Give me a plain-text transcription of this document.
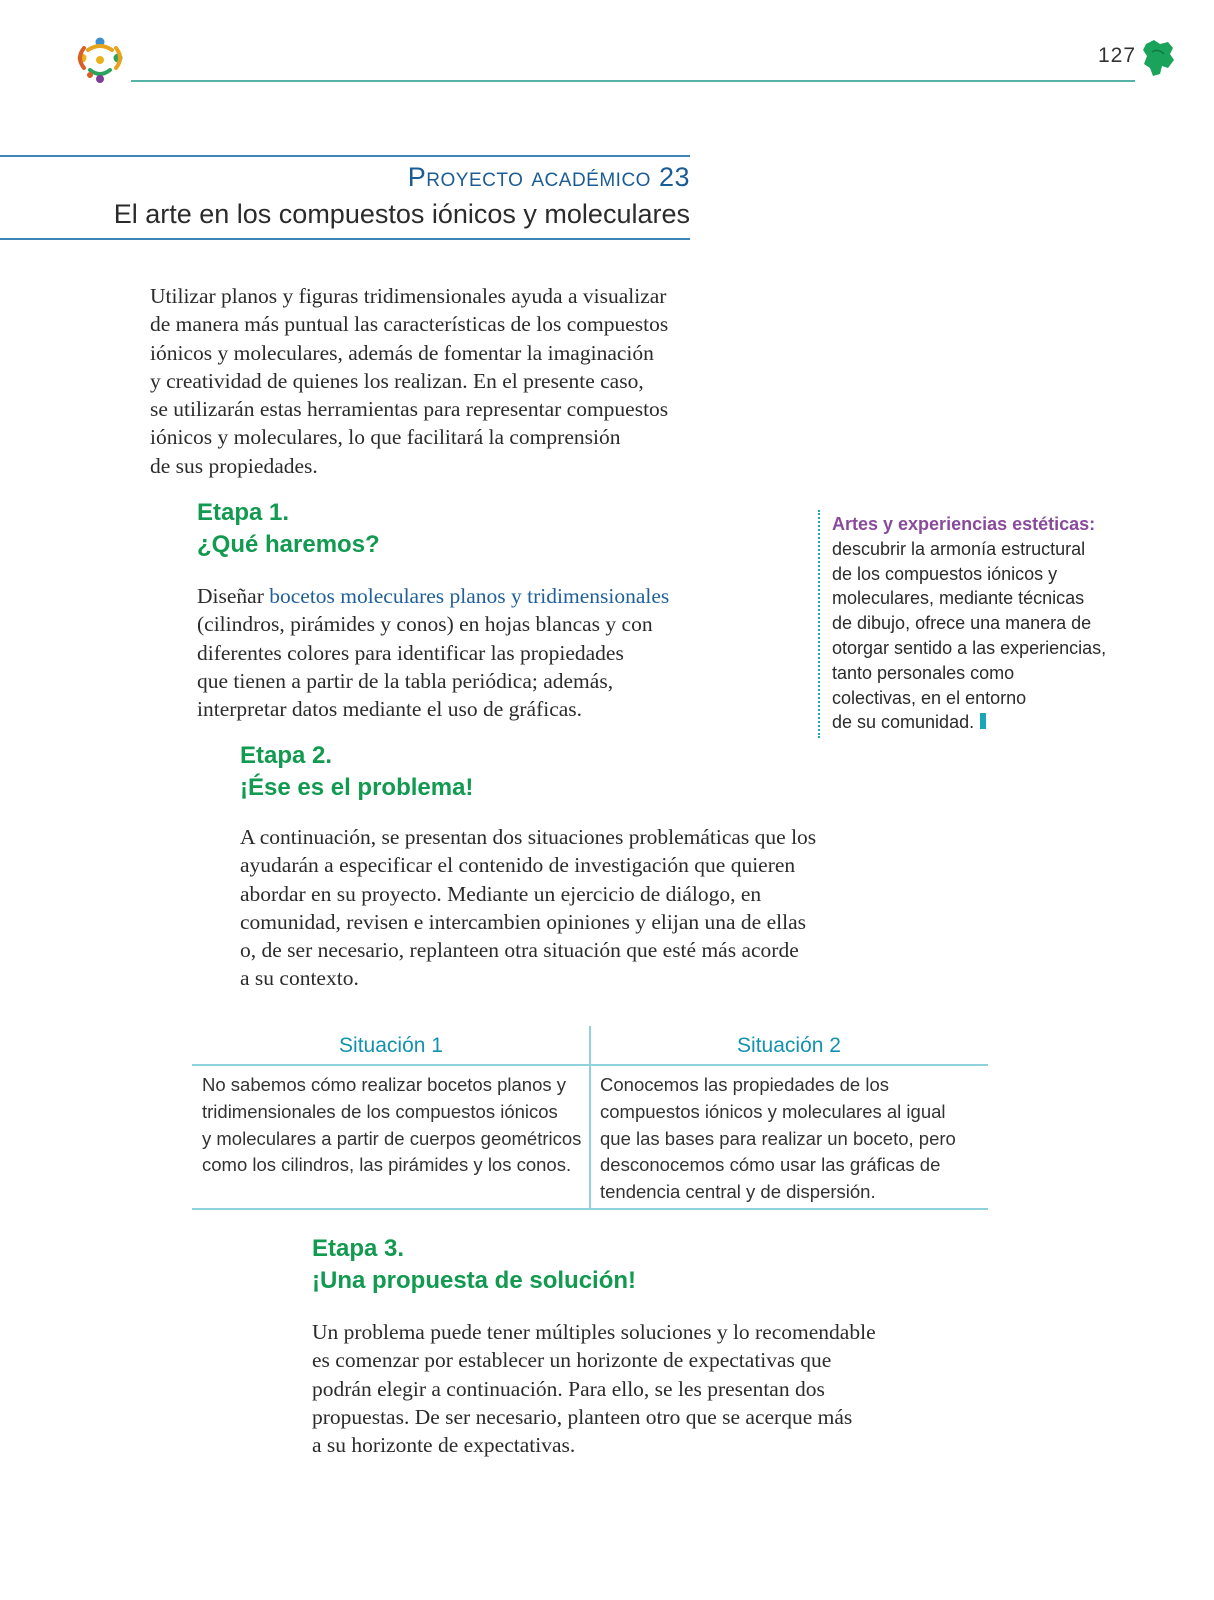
127
Proyecto académico 23
El arte en los compuestos iónicos y moleculares

Utilizar planos y figuras tridimensionales ayuda a visualizar
de manera más puntual las características de los compuestos
iónicos y moleculares, además de fomentar la imaginación
y creatividad de quienes los realizan. En el presente caso,
se utilizarán estas herramientas para representar compuestos
iónicos y moleculares, lo que facilitará la comprensión
de sus propiedades.

Etapa 1.
¿Qué haremos?

Diseñar bocetos moleculares planos y tridimensionales
(cilindros, pirámides y conos) en hojas blancas y con
diferentes colores para identificar las propiedades
que tienen a partir de la tabla periódica; además,
interpretar datos mediante el uso de gráficas.

Artes y experiencias estéticas:
descubrir la armonía estructural
de los compuestos iónicos y
moleculares, mediante técnicas
de dibujo, ofrece una manera de
otorgar sentido a las experiencias,
tanto personales como
colectivas, en el entorno
de su comunidad.
Etapa 2.
¡Ése es el problema!

A continuación, se presentan dos situaciones problemáticas que los
ayudarán a especificar el contenido de investigación que quieren
abordar en su proyecto. Mediante un ejercicio de diálogo, en
comunidad, revisen e intercambien opiniones y elijan una de ellas
o, de ser necesario, replanteen otra situación que esté más acorde
a su contexto.

Situación 1
No sabemos cómo realizar bocetos planos y
tridimensionales de los compuestos iónicos
y moleculares a partir de cuerpos geométricos
como los cilindros, las pirámides y los conos.
Situación 2
Conocemos las propiedades de los
compuestos iónicos y moleculares al igual
que las bases para realizar un boceto, pero
desconocemos cómo usar las gráficas de
tendencia central y de dispersión.
Etapa 3.
¡Una propuesta de solución!

Un problema puede tener múltiples soluciones y lo recomendable
es comenzar por establecer un horizonte de expectativas que
podrán elegir a continuación. Para ello, se les presentan dos
propuestas. De ser necesario, planteen otro que se acerque más
a su horizonte de expectativas.
